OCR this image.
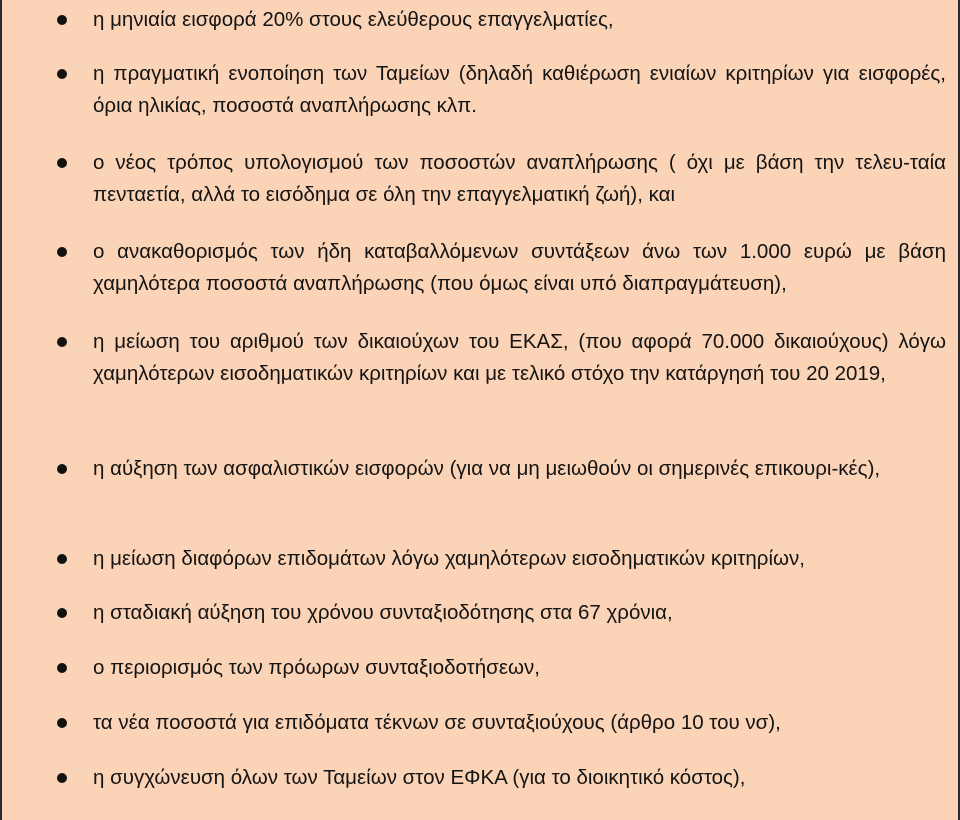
η μηνιαία εισφορά 20% στους ελεύθερους επαγγελματίες,

η πραγματική ενοποίηση των Ταμείων (δηλαδή καθιέρωση ενιαίων κριτηρίων για εισφορές, όρια ηλικίας, ποσοστά αναπλήρωσης κλπ.

ο νέος τρόπος υπολογισμού των ποσοστών αναπλήρωσης ( όχι με βάση την τελευ-ταία πενταετία, αλλά το εισόδημα σε όλη την επαγγελματική ζωή), και

ο ανακαθορισμός των ήδη καταβαλλόμενων συντάξεων άνω των 1.000 ευρώ με βάση χαμηλότερα ποσοστά αναπλήρωσης (που όμως είναι υπό διαπραγμάτευση),

η μείωση του αριθμού των δικαιούχων του ΕΚΑΣ, (που αφορά 70.000 δικαιούχους) λόγω χαμηλότερων εισοδηματικών κριτηρίων και με τελικό στόχο την κατάργησή του 20 2019,

η αύξηση των ασφαλιστικών εισφορών (για να μη μειωθούν οι σημερινές επικουρι-κές),

η μείωση διαφόρων επιδομάτων λόγω χαμηλότερων εισοδηματικών κριτηρίων,

η σταδιακή αύξηση του χρόνου συνταξιοδότησης στα 67 χρόνια,

ο περιορισμός των πρόωρων συνταξιοδοτήσεων,

τα νέα ποσοστά για επιδόματα τέκνων σε συνταξιούχους (άρθρο 10 του νσ),

η συγχώνευση όλων των Ταμείων στον ΕΦΚΑ (για το διοικητικό κόστος),
